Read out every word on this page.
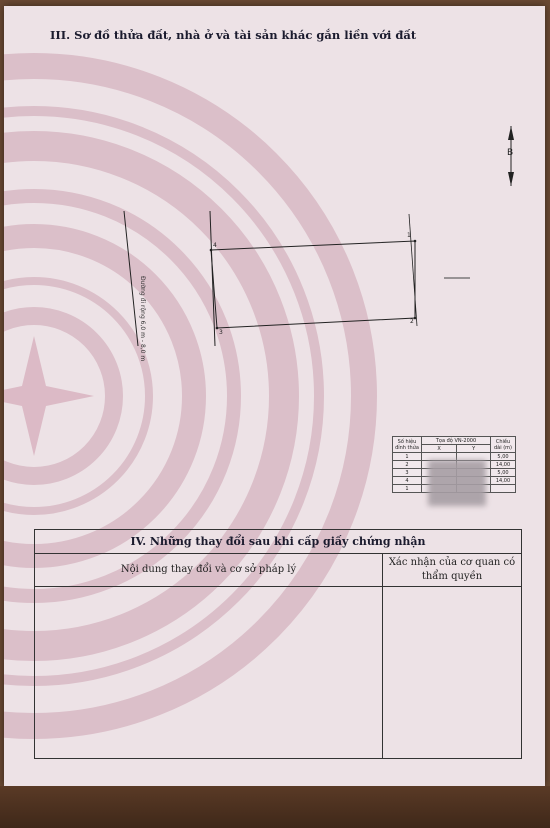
III. Sơ đồ thửa đất, nhà ở và tài sản khác gắn liền với đất
B
Đường đi rộng 6,0 m - 8,0 m
4
1
3
2
Số hiệu đỉnh thửa	Tọa độ VN-2000		Chiều dài (m)
	X	Y	
1			5,00
2			14,00
3			5,00
4			14,00
1			
IV. Những thay đổi sau khi cấp giấy chứng nhận
Nội dung thay đổi và cơ sở pháp lý
Xác nhận của cơ quan có thẩm quyền
